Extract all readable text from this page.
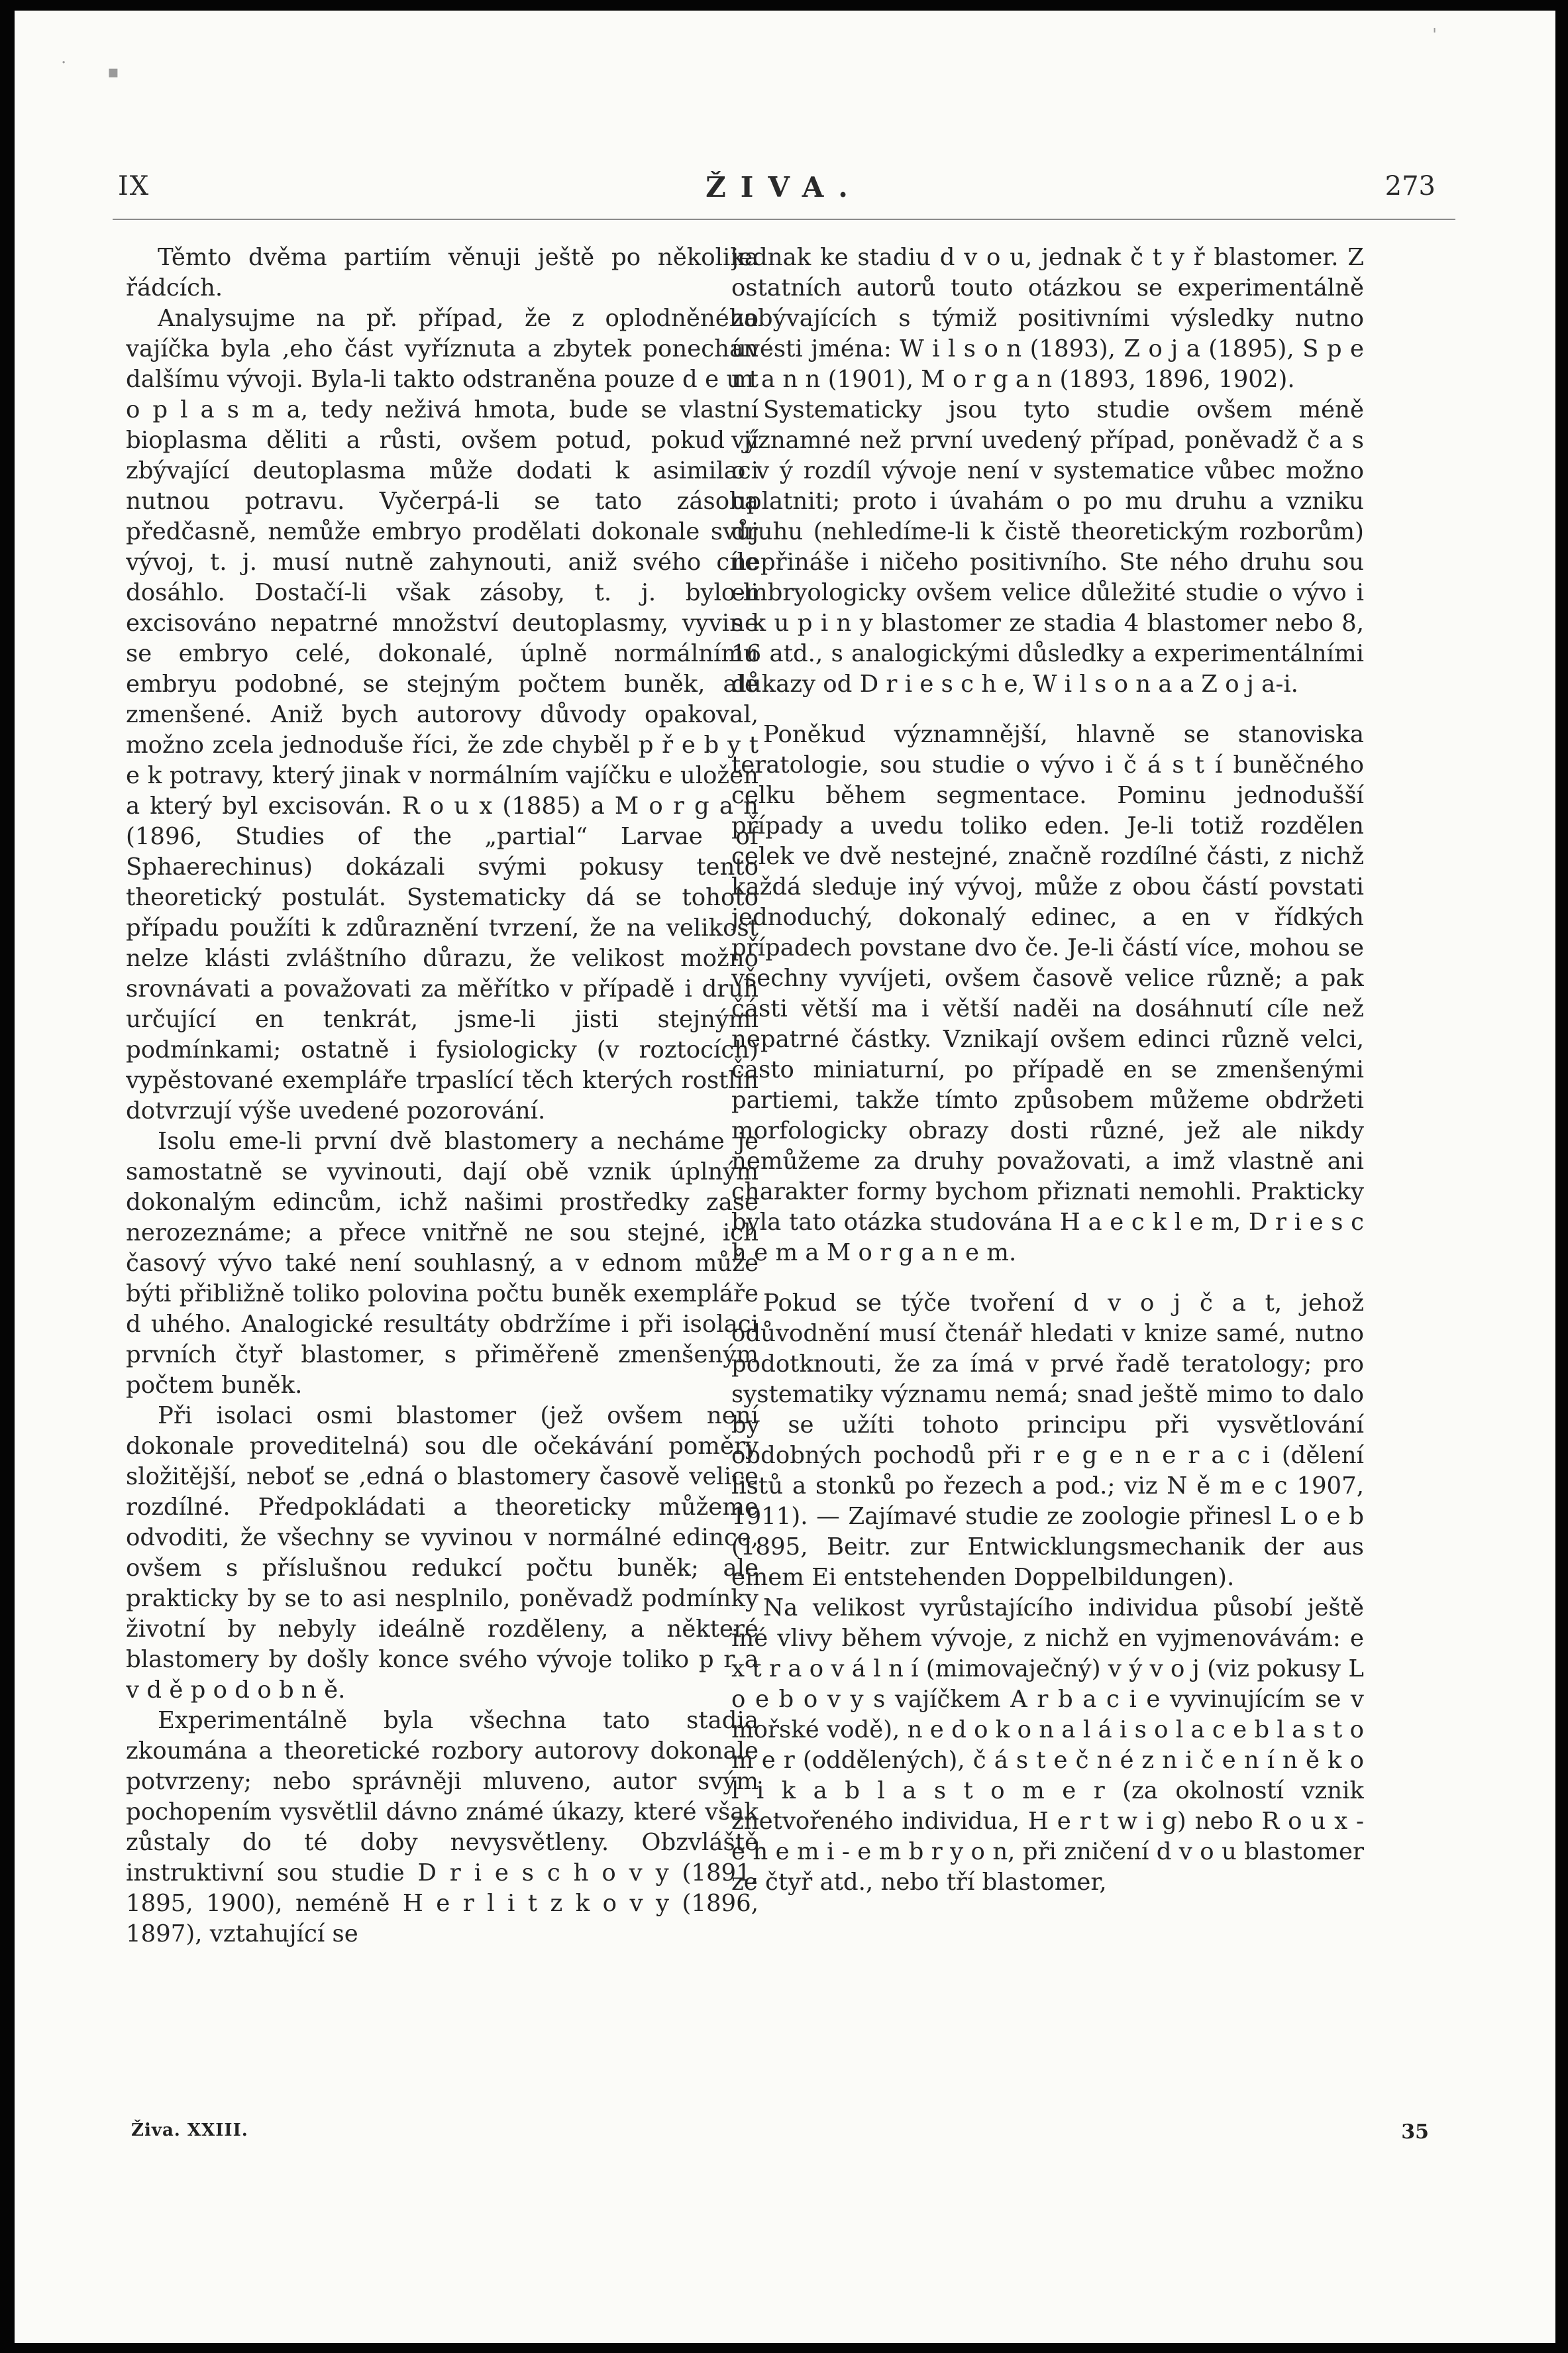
· ▪
'
IX	ŽIVA.	273

Těmto dvěma partiím věnuji ještě po několika řádcích.

Analysujme na př. případ, že z oplodněného vajíčka byla ,eho část vyříznuta a zbytek ponechán dalšímu vývoji. Byla-li takto odstraněna pouze d e u t o p l a s m a, tedy neživá hmota, bude se vlastní bioplasma děliti a růsti, ovšem potud, pokud jí zbývající deutoplasma může dodati k asimilaci nutnou potravu. Vyčerpá-li se tato zásoba předčasně, nemůže embryo prodělati dokonale svůj vývoj, t. j. musí nutně zahynouti, aniž svého cíle dosáhlo. Dostačí-li však zásoby, t. j. bylo-li excisováno nepatrné množství deutoplasmy, vyvine se embryo celé, dokonalé, úplně normálnímu embryu podobné, se stejným počtem buněk, ale zmenšené. Aniž bych autorovy důvody opakoval, možno zcela jednoduše říci, že zde chyběl p ř e b y t e k potravy, který jinak v normálním vajíčku e uložen a který byl excisován. R o u x (1885) a M o r g a n (1896, Studies of the „partial“ Larvae of Sphaerechinus) dokázali svými pokusy tento theoretický postulát. Systematicky dá se tohoto případu použíti k zdůraznění tvrzení, že na velikost nelze klásti zvláštního důrazu, že velikost možno srovnávati a považovati za měřítko v případě i druh určující en tenkrát, jsme-li jisti stejnými podmínkami; ostatně i fysiologicky (v roztocích) vypěstované exempláře trpaslící těch kterých rostlin dotvrzují výše uvedené pozorování.

Isolu eme-li první dvě blastomery a necháme je samostatně se vyvinouti, dají obě vznik úplným dokonalým edincům, ichž našimi prostředky zase nerozeznáme; a přece vnitřně ne sou stejné, ich časový vývo také není souhlasný, a v ednom může býti přibližně toliko polovina počtu buněk exempláře d uhého. Analogické resultáty obdržíme i při isolaci prvních čtyř blastomer, s přiměřeně zmenšeným počtem buněk.

Při isolaci osmi blastomer (jež ovšem není dokonale proveditelná) sou dle očekávání poměry složitější, neboť se ,edná o blastomery časově velice rozdílné. Předpokládati a theoreticky můžeme odvoditi, že všechny se vyvinou v normálné edince, ovšem s příslušnou redukcí počtu buněk; ale prakticky by se to asi nesplnilo, poněvadž podmínky životní by nebyly ideálně rozděleny, a některé blastomery by došly konce svého vývoje toliko p r a v d ě p o d o b n ě.

Experimentálně byla všechna tato stadia zkoumána a theoretické rozbory autorovy dokonale potvrzeny; nebo správněji mluveno, autor svým pochopením vysvětlil dávno známé úkazy, které však zůstaly do té doby nevysvětleny. Obzvláště instruktivní sou studie D r i e s c h o v y (1891, 1895, 1900), neméně H e r l i t z k o v y (1896, 1897), vztahující se

jednak ke stadiu d v o u, jednak č t y ř blastomer. Z ostatních autorů touto otázkou se experimentálně zabývajících s týmiž positivními výsledky nutno uvésti jména: W i l s o n (1893), Z o j a (1895), S p e m a n n (1901), M o r g a n (1893, 1896, 1902).

Systematicky jsou tyto studie ovšem méně významné než první uvedený případ, poněvadž č a s o v ý rozdíl vývoje není v systematice vůbec možno uplatniti; proto i úvahám o po mu druhu a vzniku druhu (nehledíme-li k čistě theoretickým rozborům) nepřináše i ničeho positivního. Ste ného druhu sou embryologicky ovšem velice důležité studie o vývo i s k u p i n y blastomer ze stadia 4 blastomer nebo 8, 16 atd., s analogickými důsledky a experimentálními důkazy od D r i e s c h e, W i l s o n a a Z o j a-i.

Poněkud významnější, hlavně se stanoviska teratologie, sou studie o vývo i č á s t í buněčného celku během segmentace. Pominu jednodušší případy a uvedu toliko eden. Je-li totiž rozdělen celek ve dvě nestejné, značně rozdílné části, z nichž každá sleduje iný vývoj, může z obou částí povstati jednoduchý, dokonalý edinec, a en v řídkých případech povstane dvo če. Je-li částí více, mohou se všechny vyvíjeti, ovšem časově velice různě; a pak části větší ma i větší naděi na dosáhnutí cíle než nepatrné částky. Vznikají ovšem edinci různě velci, často miniaturní, po případě en se zmenšenými partiemi, takže tímto způsobem můžeme obdržeti morfologicky obrazy dosti různé, jež ale nikdy nemůžeme za druhy považovati, a imž vlastně ani charakter formy bychom přiznati nemohli. Prakticky byla tato otázka studována H a e c k l e m, D r i e s c h e m a M o r g a n e m.

Pokud se týče tvoření d v o j č a t, jehož odůvodnění musí čtenář hledati v knize samé, nutno podotknouti, že za ímá v prvé řadě teratology; pro systematiky významu nemá; snad ještě mimo to dalo by se užíti tohoto principu při vysvětlování obdobných pochodů při r e g e n e r a c i (dělení listů a stonků po řezech a pod.; viz N ě m e c 1907, 1911). — Zajímavé studie ze zoologie přinesl L o e b (1895, Beitr. zur Entwicklungsmechanik der aus einem Ei entstehenden Doppelbildungen).

Na velikost vyrůstajícího individua působí ještě iné vlivy během vývoje, z nichž en vyjmenovávám: e x t r a o v á l n í (mimovaječný) v ý v o j (viz pokusy L o e b o v y s vajíčkem A r b a c i e vyvinujícím se v mořské vodě), n e d o k o n a l á i s o l a c e b l a s t o m e r (oddělených), č á s t e č n é z n i č e n í n ě k o l i k a b l a s t o m e r (za okolností vznik znetvořeného individua, H e r t w i g) nebo R o u x - e h e m i - e m b r y o n, při zničení d v o u blastomer ze čtyř atd., nebo tří blastomer,

Živa. XXIII.	35
